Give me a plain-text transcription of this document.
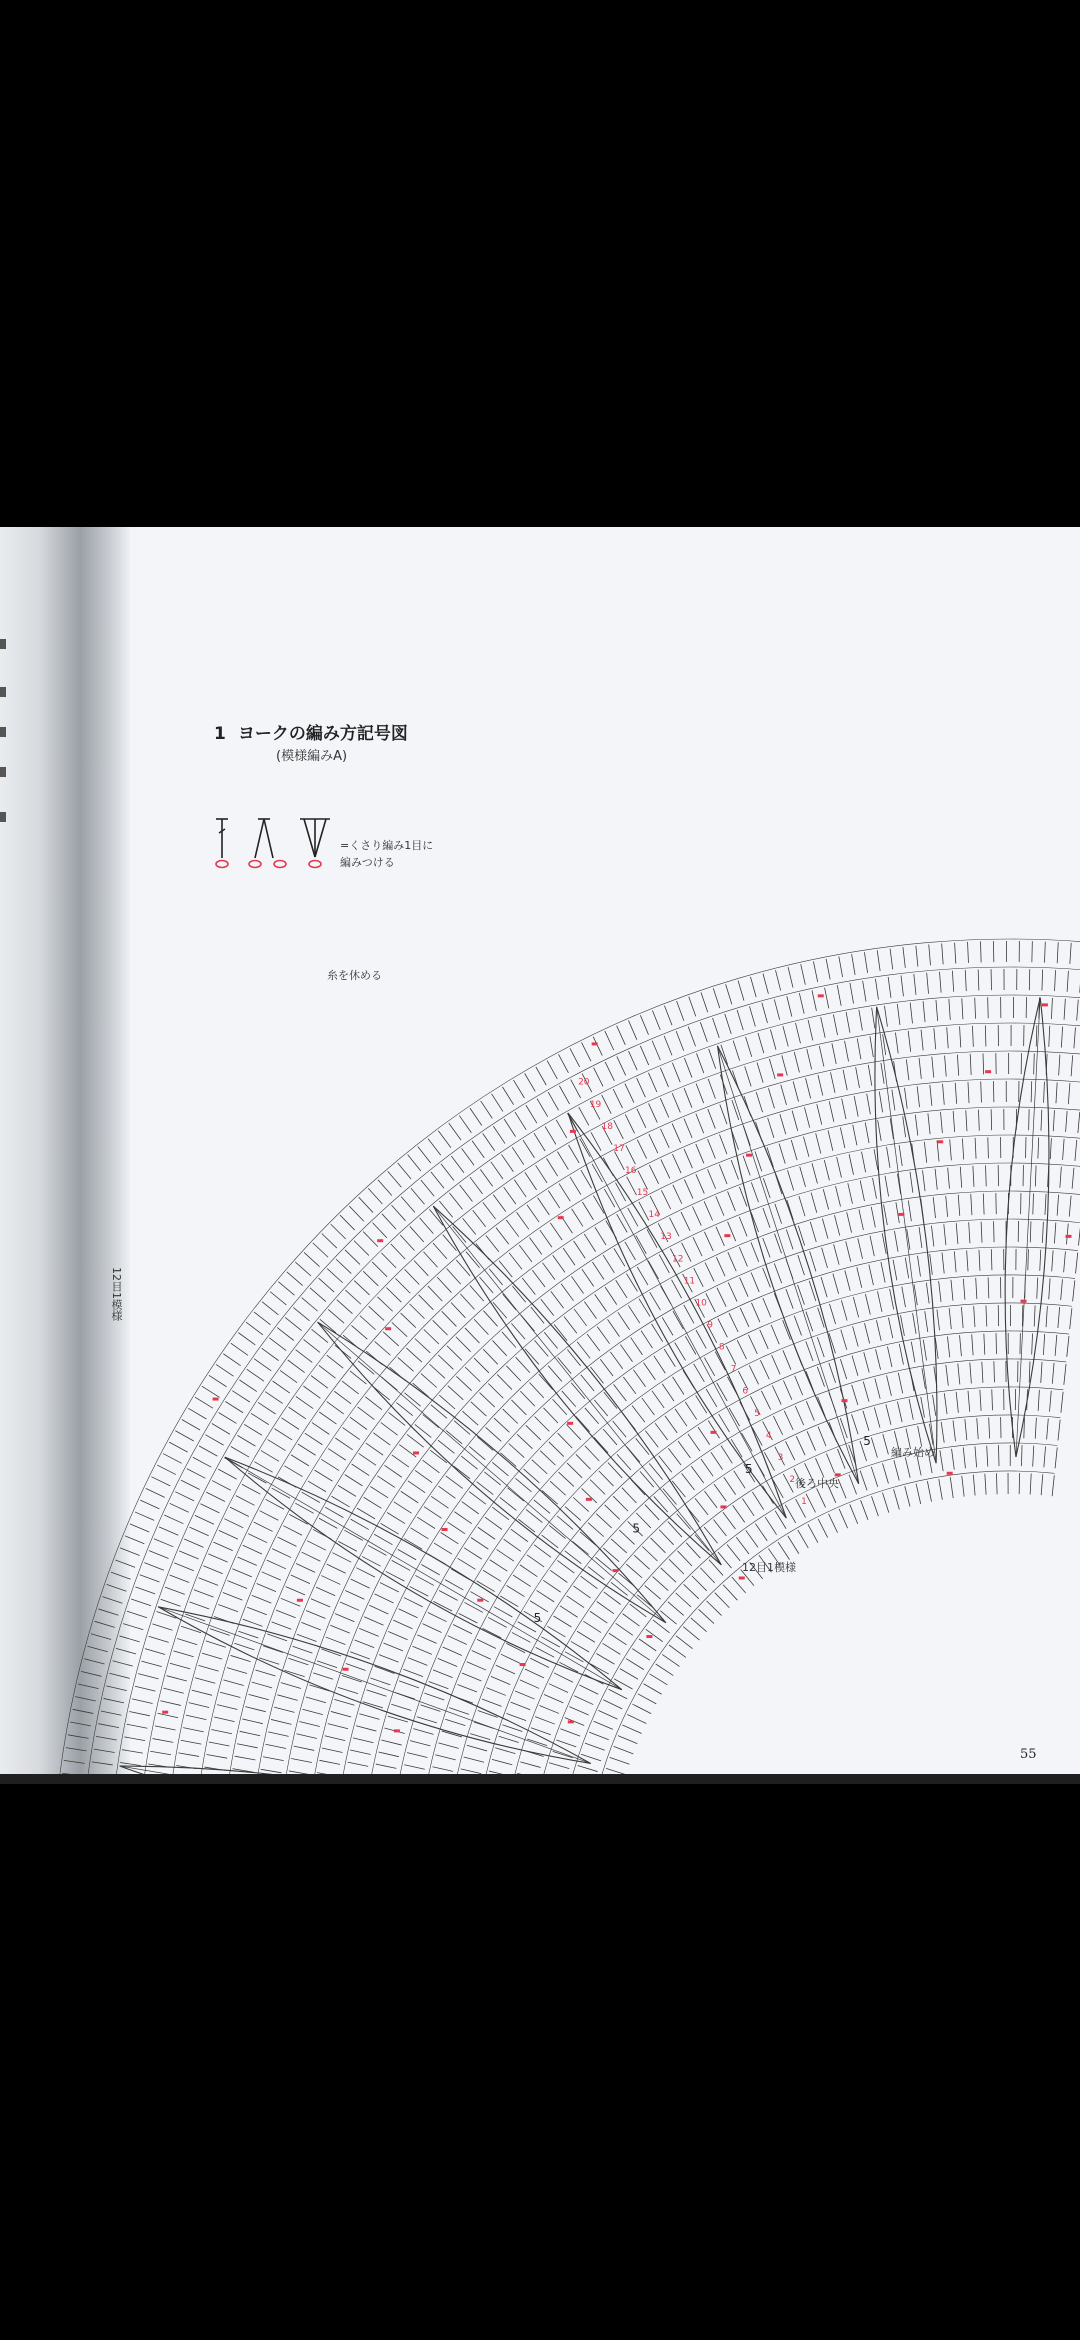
1 ヨークの編み方記号図
(模様編みA)
=くさり編み1目に
編みつける
20
19
18
17
16
15
14
13
12
11
10
9
8
7
6
5
4
3
2
1
5
5
5
5
糸を休める
編み始め
後ろ中央
12目1模様
12目1模様
55
